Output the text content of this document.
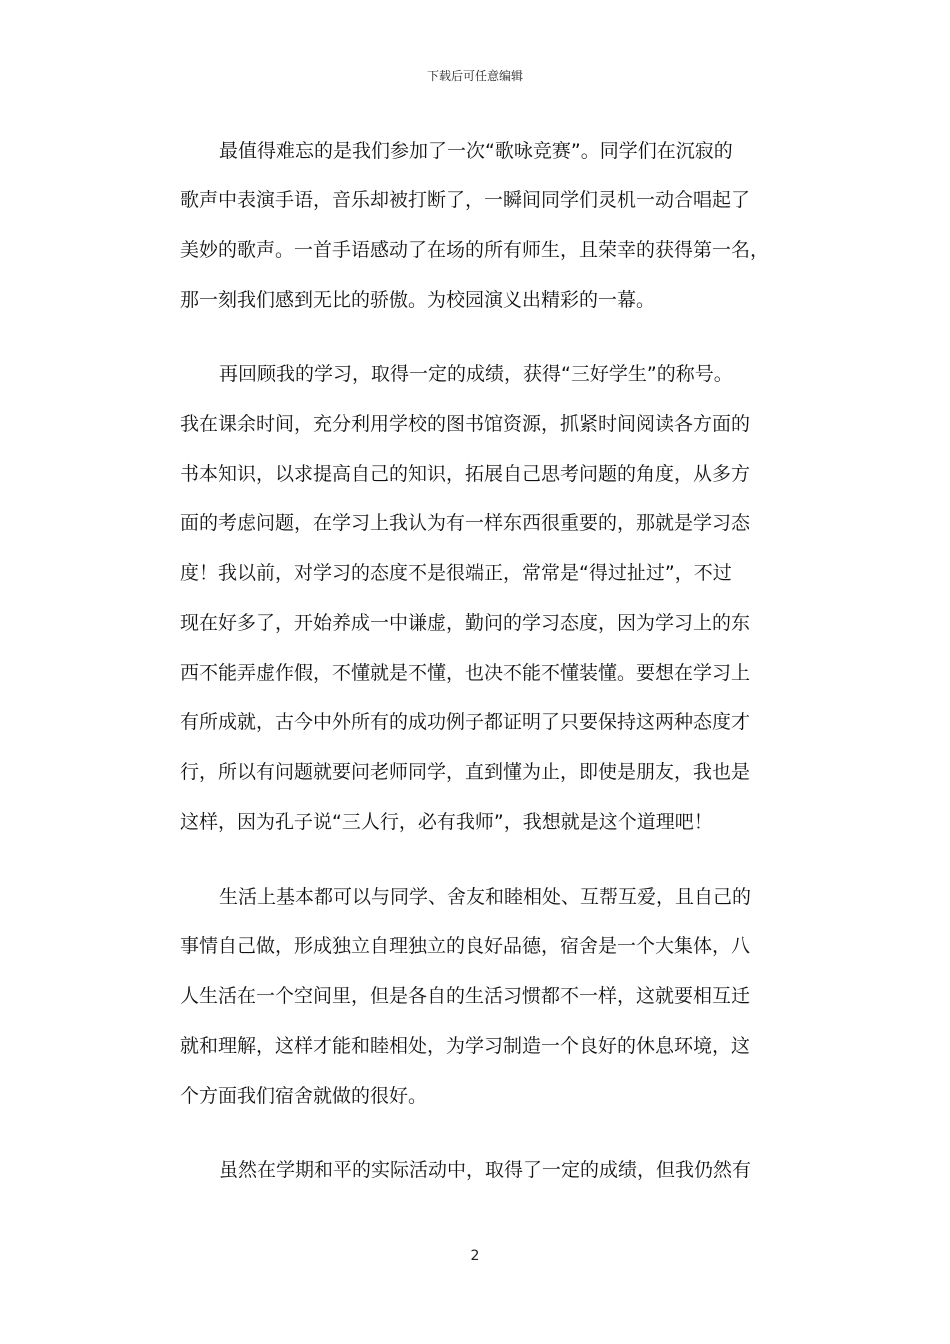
下载后可任意编辑
最值得难忘的是我们参加了一次“歌咏竞赛”。同学们在沉寂的
歌声中表演手语，音乐却被打断了，一瞬间同学们灵机一动合唱起了
美妙的歌声。一首手语感动了在场的所有师生，且荣幸的获得第一名，
那一刻我们感到无比的骄傲。为校园演义出精彩的一幕。
再回顾我的学习，取得一定的成绩，获得“三好学生”的称号。
我在课余时间，充分利用学校的图书馆资源，抓紧时间阅读各方面的
书本知识，以求提高自己的知识，拓展自己思考问题的角度，从多方
面的考虑问题，在学习上我认为有一样东西很重要的，那就是学习态
度！我以前，对学习的态度不是很端正，常常是“得过扯过”，不过
现在好多了，开始养成一中谦虚，勤问的学习态度，因为学习上的东
西不能弄虚作假，不懂就是不懂，也决不能不懂装懂。要想在学习上
有所成就，古今中外所有的成功例子都证明了只要保持这两种态度才
行，所以有问题就要问老师同学，直到懂为止，即使是朋友，我也是
这样，因为孔子说“三人行，必有我师”，我想就是这个道理吧！
生活上基本都可以与同学、舍友和睦相处、互帮互爱，且自己的
事情自己做，形成独立自理独立的良好品德，宿舍是一个大集体，八
人生活在一个空间里，但是各自的生活习惯都不一样，这就要相互迁
就和理解，这样才能和睦相处，为学习制造一个良好的休息环境，这
个方面我们宿舍就做的很好。
虽然在学期和平的实际活动中，取得了一定的成绩，但我仍然有
2
